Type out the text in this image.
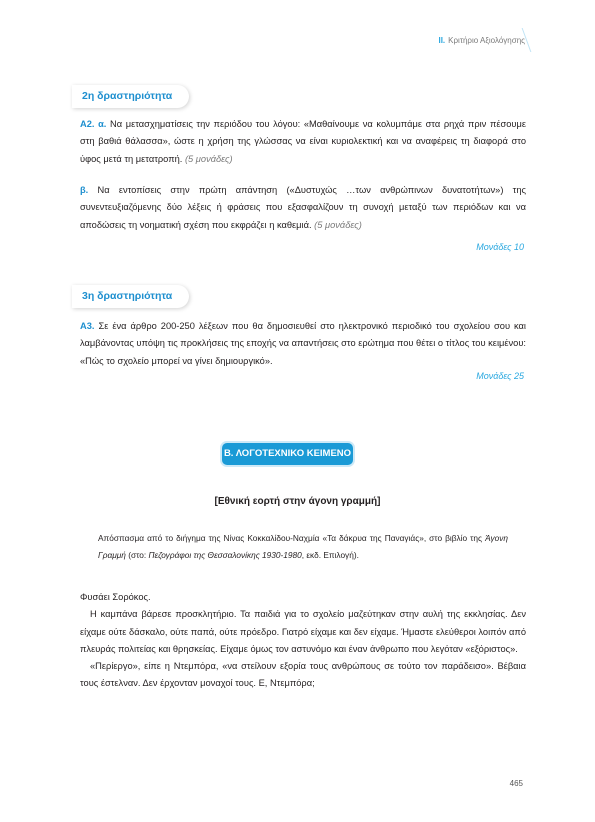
II. Κριτήριο Αξιολόγησης
2η δραστηριότητα

Α2. α. Να μετασχηματίσεις την περιόδου του λόγου: «Μαθαίνουμε να κολυμπάμε στα ρηχά πριν πέσουμε στη βαθιά θάλασσα», ώστε η χρήση της γλώσσας να είναι κυριολεκτική και να αναφέρεις τη διαφορά στο ύφος μετά τη μετατροπή. (5 μονάδες)

β. Να εντοπίσεις στην πρώτη απάντηση («Δυστυχώς …των ανθρώπινων δυνατοτήτων») της συνεντευξιαζόμενης δύο λέξεις ή φράσεις που εξασφαλίζουν τη συνοχή μεταξύ των περιόδων και να αποδώσεις τη νοηματική σχέση που εκφράζει η καθεμιά. (5 μονάδες)

Μονάδες 10
3η δραστηριότητα

Α3. Σε ένα άρθρο 200-250 λέξεων που θα δημοσιευθεί στο ηλεκτρονικό περιοδικό του σχολείου σου και λαμβάνοντας υπόψη τις προκλήσεις της εποχής να απαντήσεις στο ερώτημα που θέτει ο τίτλος του κειμένου: «Πώς το σχολείο μπορεί να γίνει δημιουργικό».

Μονάδες 25
Β. ΛΟΓΟΤΕΧΝΙΚΟ ΚΕΙΜΕΝΟ
[Εθνική εορτή στην άγονη γραμμή]

Απόσπασμα από το διήγημα της Νίνας Κοκκαλίδου-Ναχμία «Τα δάκρυα της Παναγιάς», στο βιβλίο της Άγονη Γραμμή (στο: Πεζογράφοι της Θεσσαλονίκης 1930-1980, εκδ. Επιλογή).

Φυσάει Σορόκος.

Η καμπάνα βάρεσε προσκλητήριο. Τα παιδιά για το σχολείο μαζεύτηκαν στην αυλή της εκκλησίας. Δεν είχαμε ούτε δάσκαλο, ούτε παπά, ούτε πρόεδρο. Γιατρό είχαμε και δεν είχαμε. Ήμαστε ελεύθεροι λοιπόν από πλευράς πολιτείας και θρησκείας. Είχαμε όμως τον αστυνόμο και έναν άνθρωπο που λεγόταν «εξόριστος».

«Περίεργο», είπε η Ντεμπόρα, «να στείλουν εξορία τους ανθρώπους σε τούτο τον παράδεισο». Βέβαια τους έστελναν. Δεν έρχονταν μοναχοί τους. Ε, Ντεμπόρα;

465
